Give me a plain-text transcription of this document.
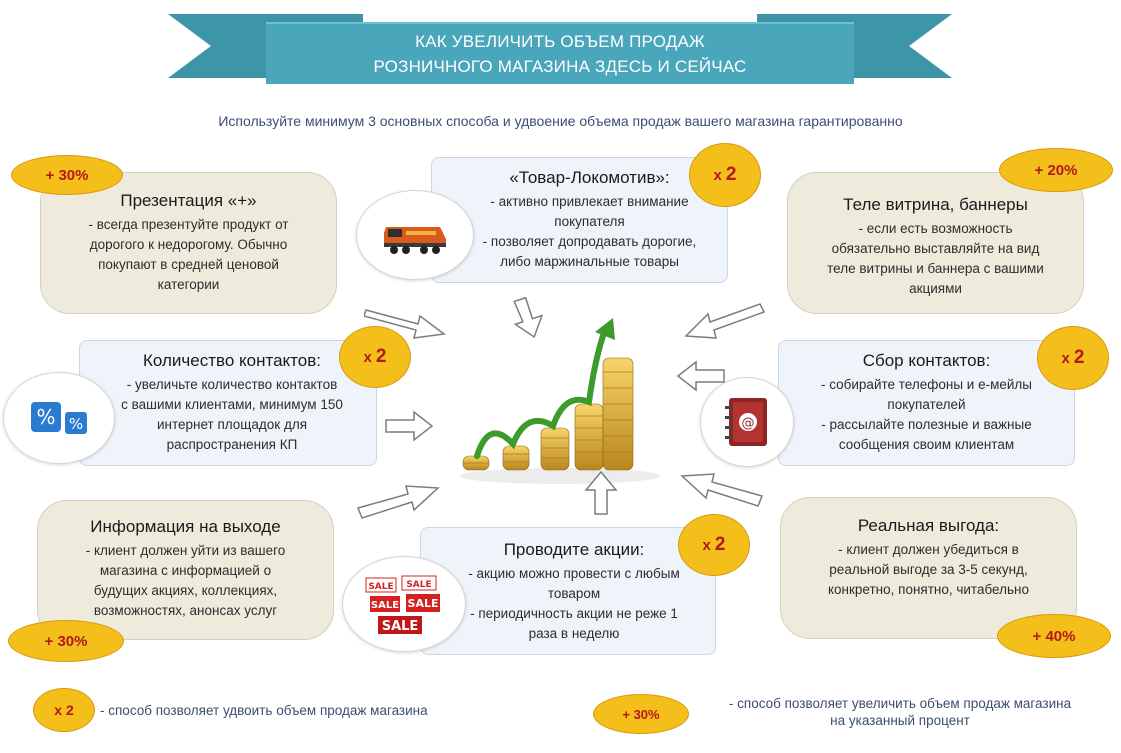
КАК УВЕЛИЧИТЬ ОБЪЕМ ПРОДАЖ
РОЗНИЧНОГО МАГАЗИНА ЗДЕСЬ И СЕЙЧАС
Используйте минимум 3 основных способа и удвоение объема продаж вашего магазина гарантированно
Презентация «+»
- всегда презентуйте продукт от
дорогого к недорогому. Обычно
покупают в средней ценовой
категории
+ 30%	«Товар-Локомотив»:
- активно привлекает внимание
покупателя
- позволяет допродавать дорогие,
либо маржинальные товары
х 2
Теле витрина, баннеры
- если есть возможность
обязательно выставляйте на вид
теле витрины и баннера с вашими
акциями
+ 20%
Количество контактов:
- увеличьте количество контактов
с вашими клиентами, минимум 150
интернет площадок для
распространения КП
х 2
% %
Сбор контактов:
- собирайте телефоны и е-мейлы
покупателей
- рассылайте полезные и важные
сообщения своим клиентам
х 2
@
Информация на выходе
- клиент должен уйти из вашего
магазина с информацией о
будущих акциях, коллекциях,
возможностях, анонсах услуг
+ 30%
Проводите акции:
- акцию можно провести с любым
товаром
- периодичность акции не реже 1
раза в неделю
х 2
SALE SALE
SALE SALE
SALE
Реальная выгода:
- клиент должен убедиться в
реальной выгоде за 3-5 секунд,
конкретно, понятно, читабельно
+ 40%
х 2	- способ позволяет удвоить объем продаж магазина	+ 30%
- способ позволяет увеличить объем продаж магазина
на указанный процент
